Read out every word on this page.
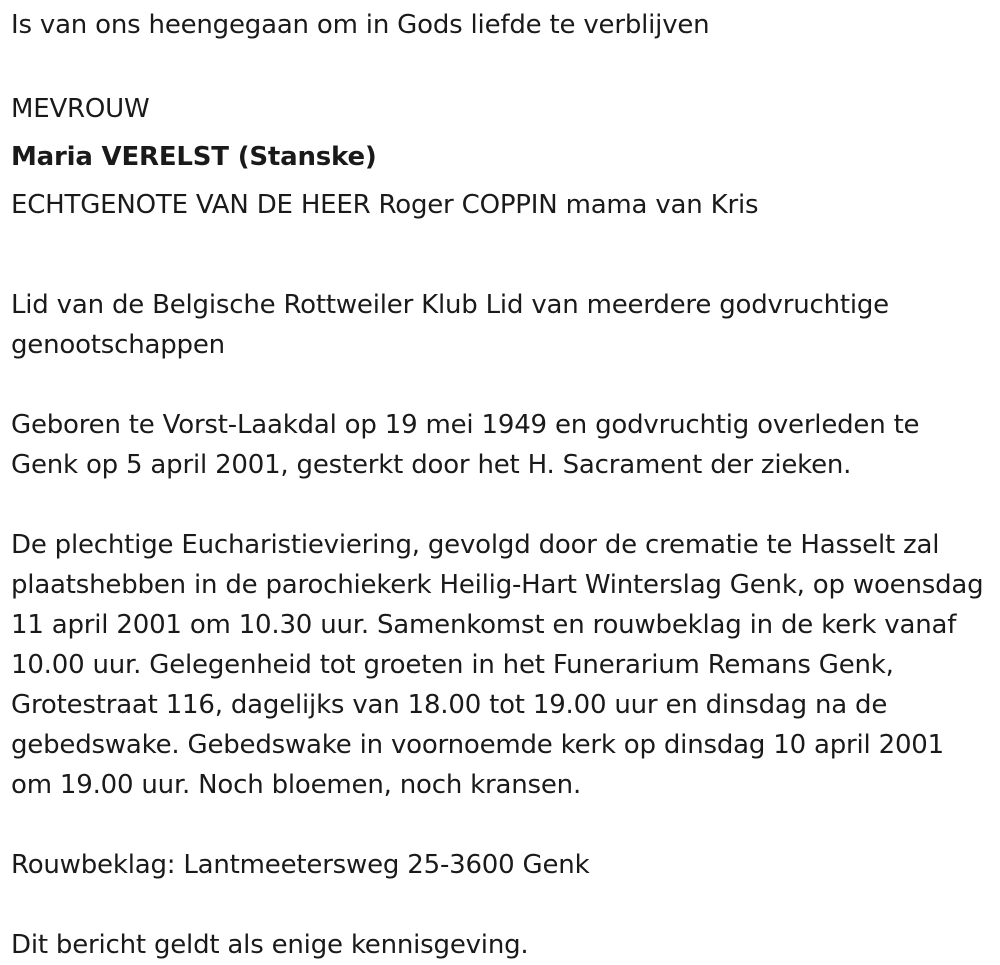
Is van ons heengegaan om in Gods liefde te verblijven

MEVROUW

Maria VERELST (Stanske)

ECHTGENOTE VAN DE HEER Roger COPPIN mama van Kris

Lid van de Belgische Rottweiler Klub Lid van meerdere godvruchtige genootschappen

Geboren te Vorst-Laakdal op 19 mei 1949 en godvruchtig overleden te Genk op 5 april 2001, gesterkt door het H. Sacrament der zieken.

De plechtige Eucharistieviering, gevolgd door de crematie te Hasselt zal plaatshebben in de parochiekerk Heilig-Hart Winterslag Genk, op woensdag 11 april 2001 om 10.30 uur. Samenkomst en rouwbeklag in de kerk vanaf 10.00 uur. Gelegenheid tot groeten in het Funerarium Remans Genk, Grotestraat 116, dagelijks van 18.00 tot 19.00 uur en dinsdag na de gebedswake. Gebedswake in voornoemde kerk op dinsdag 10 april 2001 om 19.00 uur. Noch bloemen, noch kransen.

Rouwbeklag: Lantmeetersweg 25-3600 Genk

Dit bericht geldt als enige kennisgeving.
